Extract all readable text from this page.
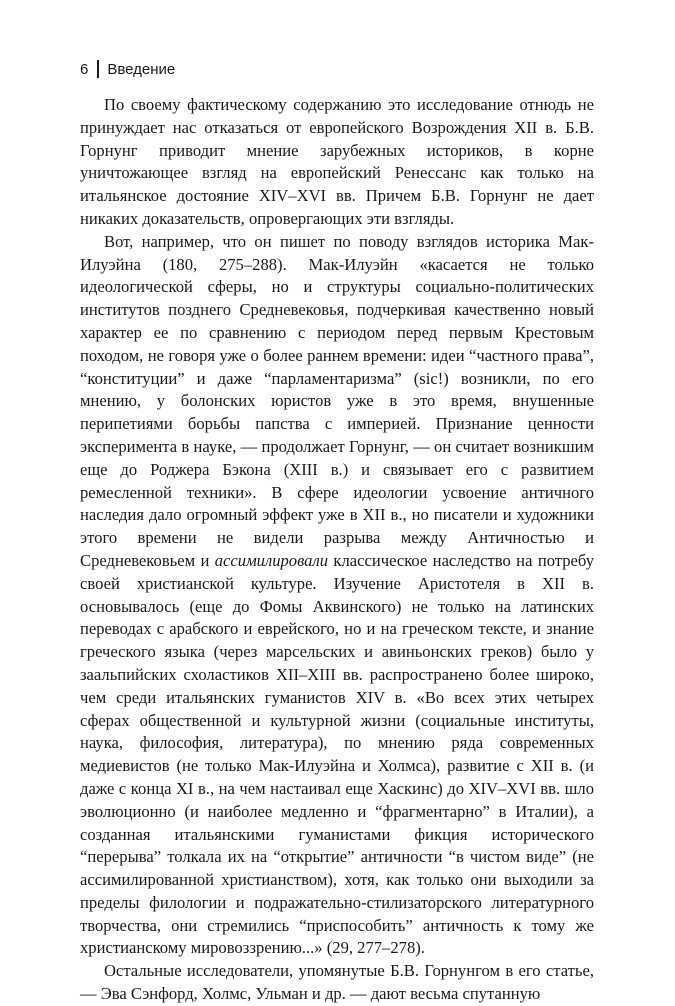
6 Введение

По своему фактическому содержанию это исследование отнюдь не принуждает нас отказаться от европейского Возрождения XII в. Б.В. Горнунг приводит мнение зарубежных историков, в корне уничтожающее взгляд на европейский Ренессанс как только на итальянское достояние XIV–XVI вв. Причем Б.В. Горнунг не дает никаких доказательств, опровергающих эти взгляды.

Вот, например, что он пишет по поводу взглядов историка Мак-Илуэйна (180, 275–288). Мак-Илуэйн «касается не только идеологической сферы, но и структуры социально-политических институтов позднего Средневековья, подчеркивая качественно новый характер ее по сравнению с периодом перед первым Крестовым походом, не говоря уже о более раннем времени: идеи “частного права”, “конституции” и даже “парламентаризма” (sic!) возникли, по его мнению, у болонских юристов уже в это время, внушенные перипетиями борьбы папства с империей. Признание ценности эксперимента в науке, — продолжает Горнунг, — он считает возникшим еще до Роджера Бэкона (XIII в.) и связывает его с развитием ремесленной техники». В сфере идеологии усвоение античного наследия дало огромный эффект уже в XII в., но писатели и художники этого времени не видели разрыва между Античностью и Средневековьем и ассимилировали классическое наследство на потребу своей христианской культуре. Изучение Аристотеля в XII в. основывалось (еще до Фомы Аквинского) не только на латинских переводах с арабского и еврейского, но и на греческом тексте, и знание греческого языка (через марсельских и авиньонских греков) было у заальпийских схоластиков XII–XIII вв. распространено более широко, чем среди итальянских гуманистов XIV в. «Во всех этих четырех сферах общественной и культурной жизни (социальные институты, наука, философия, литература), по мнению ряда современных медиевистов (не только Мак-Илуэйна и Холмса), развитие с XII в. (и даже с конца XI в., на чем настаивал еще Хаскинс) до XIV–XVI вв. шло эволюционно (и наиболее медленно и “фрагментарно” в Италии), а созданная итальянскими гуманистами фикция исторического “перерыва” толкала их на “открытие” античности “в чистом виде” (не ассимилированной христианством), хотя, как только они выходили за пределы филологии и подражательно-стилизаторского литературного творчества, они стремились “приспособить” античность к тому же христианскому мировоззрению...» (29, 277–278).

Остальные исследователи, упомянутые Б.В. Горнунгом в его статье, — Эва Сэнфорд, Холмс, Ульман и др. — дают весьма спутанную
